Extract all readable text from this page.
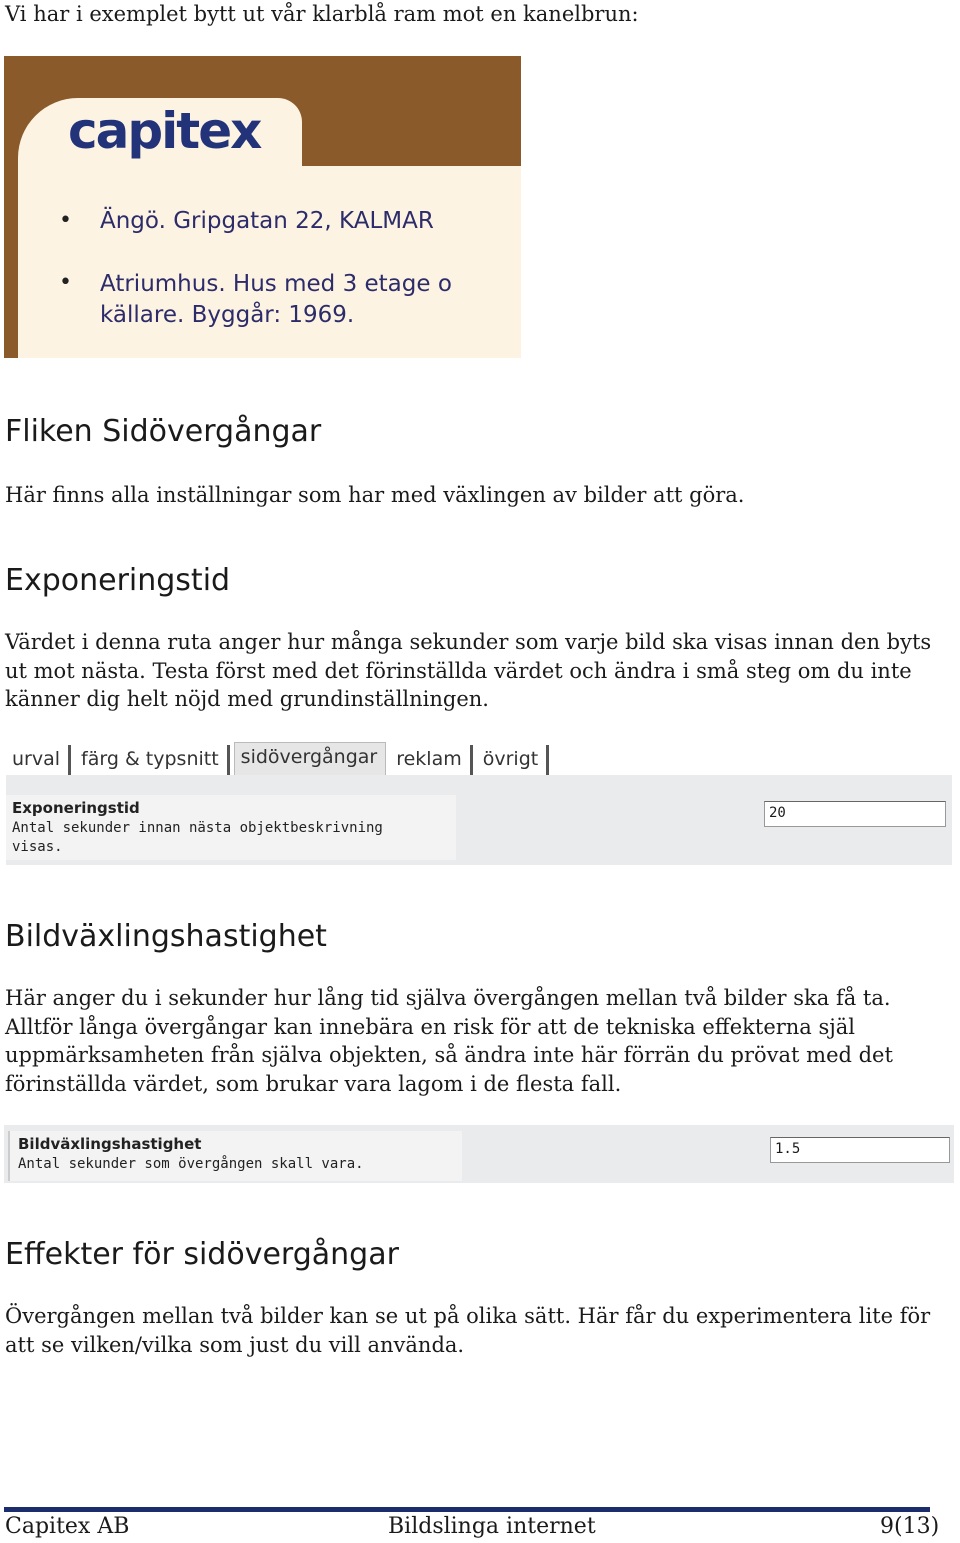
Vi har i exemplet bytt ut vår klarblå ram mot en kanelbrun:
capitex
• Ängö. Gripgatan 22, KALMAR
• Atriumhus. Hus med 3 etage o källare. Byggår: 1969.
Fliken Sidövergångar
Här finns alla inställningar som har med växlingen av bilder att göra.
Exponeringstid
Värdet i denna ruta anger hur många sekunder som varje bild ska visas innan den byts ut mot nästa. Testa först med det förinställda värdet och ändra i små steg om du inte känner dig helt nöjd med grundinställningen.
urval	färg & typsnitt	sidövergångar	reklam	övrigt
Exponeringstid
Antal sekunder innan nästa objektbeskrivning visas.
20
Bildväxlingshastighet
Här anger du i sekunder hur lång tid själva övergången mellan två bilder ska få ta. Alltför långa övergångar kan innebära en risk för att de tekniska effekterna själ uppmärksamheten från själva objekten, så ändra inte här förrän du prövat med det förinställda värdet, som brukar vara lagom i de flesta fall.
Bildväxlingshastighet
Antal sekunder som övergången skall vara.
1.5
Effekter för sidövergångar
Övergången mellan två bilder kan se ut på olika sätt. Här får du experimentera lite för att se vilken/vilka som just du vill använda.
Capitex AB	Bildslinga internet	9(13)
